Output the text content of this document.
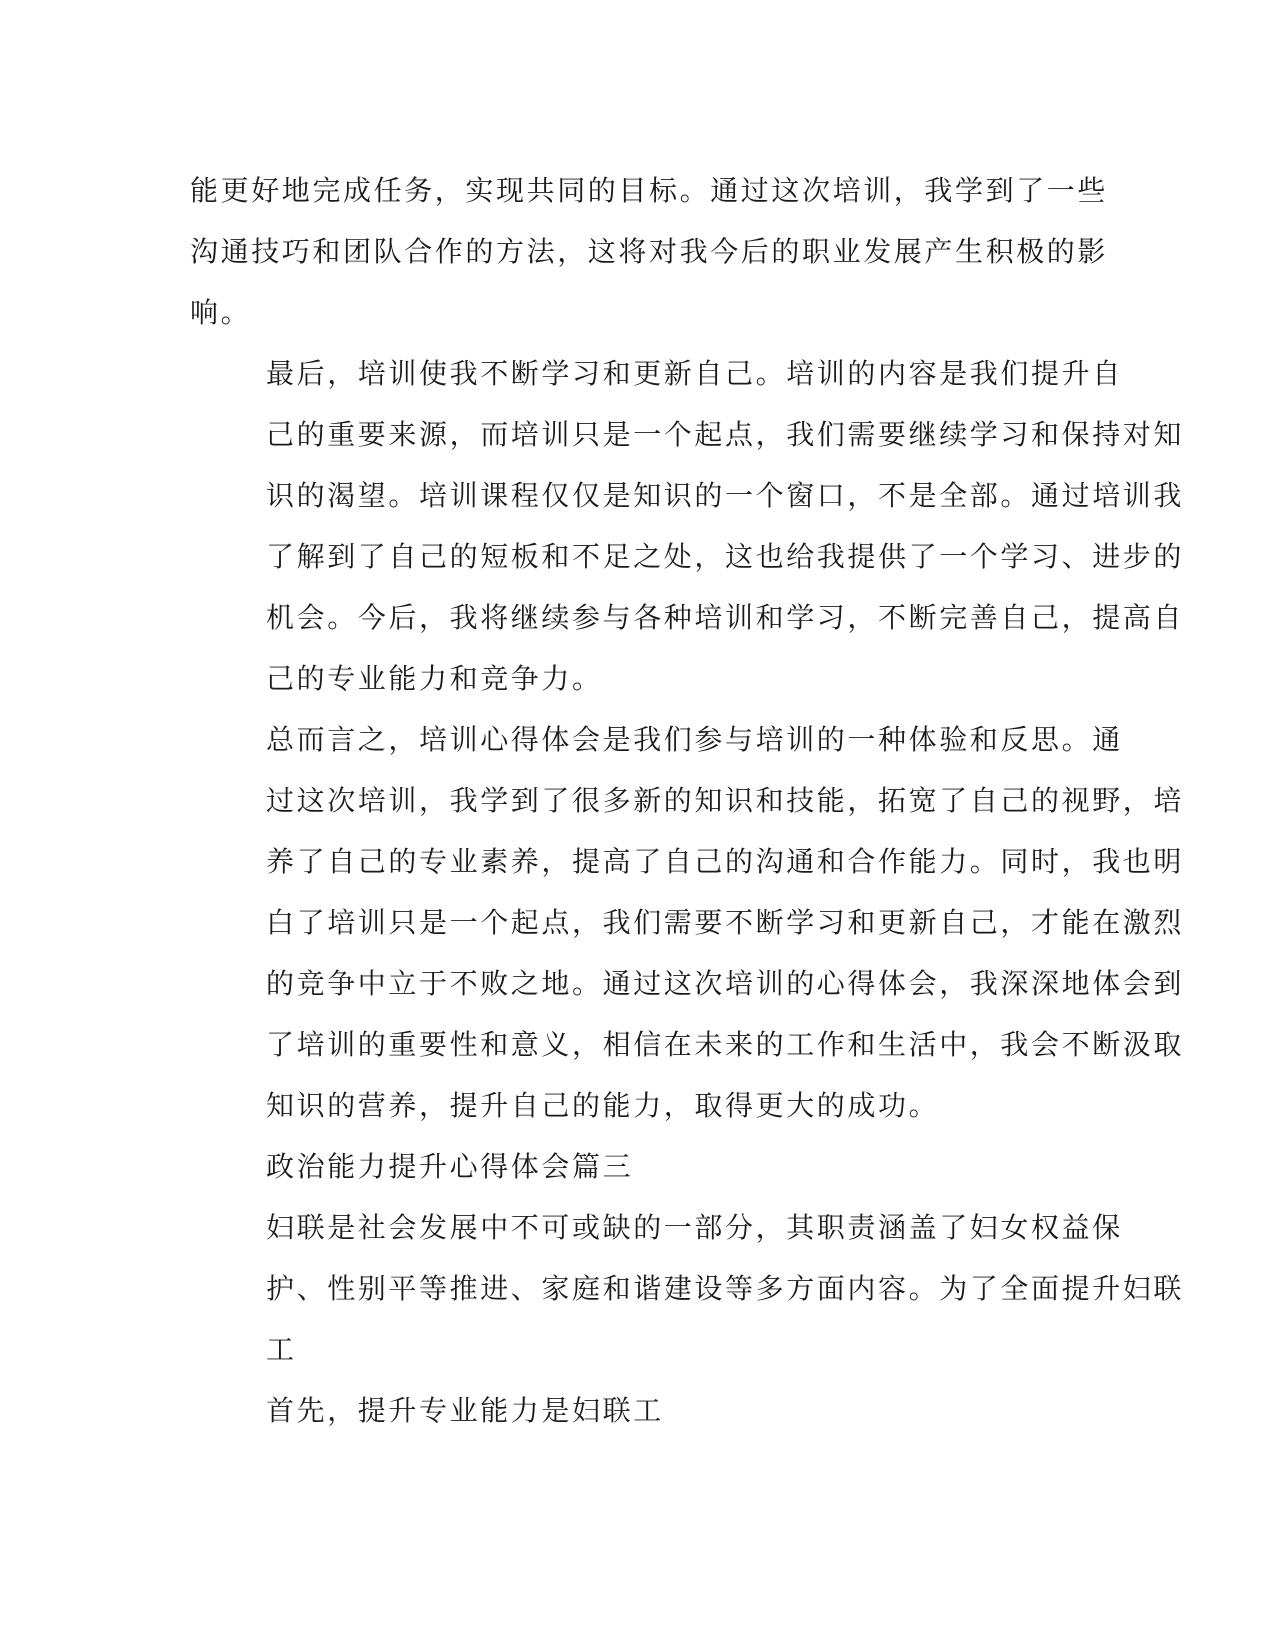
能更好地完成任务，实现共同的目标。通过这次培训，我学到了一些
沟通技巧和团队合作的方法，这将对我今后的职业发展产生积极的影
响。

最后，培训使我不断学习和更新自己。培训的内容是我们提升自
己的重要来源，而培训只是一个起点，我们需要继续学习和保持对知
识的渴望。培训课程仅仅是知识的一个窗口，不是全部。通过培训我
了解到了自己的短板和不足之处，这也给我提供了一个学习、进步的
机会。今后，我将继续参与各种培训和学习，不断完善自己，提高自
己的专业能力和竞争力。

总而言之，培训心得体会是我们参与培训的一种体验和反思。通
过这次培训，我学到了很多新的知识和技能，拓宽了自己的视野，培
养了自己的专业素养，提高了自己的沟通和合作能力。同时，我也明
白了培训只是一个起点，我们需要不断学习和更新自己，才能在激烈
的竞争中立于不败之地。通过这次培训的心得体会，我深深地体会到
了培训的重要性和意义，相信在未来的工作和生活中，我会不断汲取
知识的营养，提升自己的能力，取得更大的成功。

政治能力提升心得体会篇三

妇联是社会发展中不可或缺的一部分，其职责涵盖了妇女权益保
护、性别平等推进、家庭和谐建设等多方面内容。为了全面提升妇联
工

首先，提升专业能力是妇联工
